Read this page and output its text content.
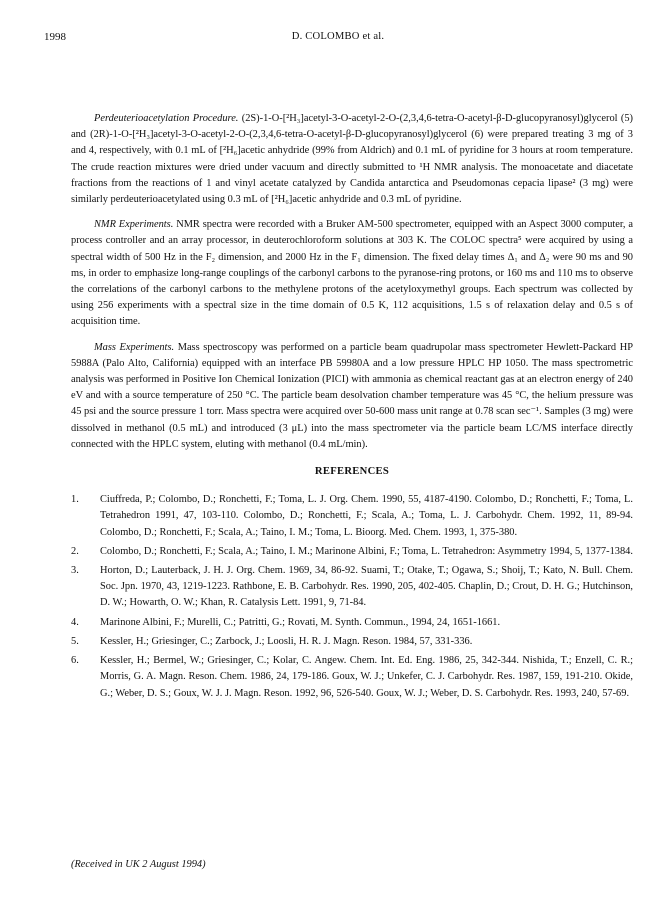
1998	D. COLOMBO et al.

Perdeuterioacetylation Procedure. (2S)-1-O-[²H₃]acetyl-3-O-acetyl-2-O-(2,3,4,6-tetra-O-acetyl-β-D-glucopyranosyl)glycerol (5) and (2R)-1-O-[²H₃]acetyl-3-O-acetyl-2-O-(2,3,4,6-tetra-O-acetyl-β-D-glucopyranosyl)glycerol (6) were prepared treating 3 mg of 3 and 4, respectively, with 0.1 mL of [²H₆]acetic anhydride (99% from Aldrich) and 0.1 mL of pyridine for 3 hours at room temperature. The crude reaction mixtures were dried under vacuum and directly submitted to ¹H NMR analysis. The monoacetate and diacetate fractions from the reactions of 1 and vinyl acetate catalyzed by Candida antarctica and Pseudomonas cepacia lipase² (3 mg) were similarly perdeuterioacetylated using 0.3 mL of [²H₆]acetic anhydride and 0.3 mL of pyridine.

NMR Experiments. NMR spectra were recorded with a Bruker AM-500 spectrometer, equipped with an Aspect 3000 computer, a process controller and an array processor, in deuterochloroform solutions at 303 K. The COLOC spectra⁵ were acquired by using a spectral width of 500 Hz in the F₂ dimension, and 2000 Hz in the F₁ dimension. The fixed delay times Δ₁ and Δ₂ were 90 ms and 90 ms, in order to emphasize long-range couplings of the carbonyl carbons to the pyranose-ring protons, or 160 ms and 110 ms to observe the correlations of the carbonyl carbons to the methylene protons of the acetyloxymethyl groups. Each spectrum was collected by using 256 experiments with a spectral size in the time domain of 0.5 K, 112 acquisitions, 1.5 s of relaxation delay and 0.5 s of acquisition time.

Mass Experiments. Mass spectroscopy was performed on a particle beam quadrupolar mass spectrometer Hewlett-Packard HP 5988A (Palo Alto, California) equipped with an interface PB 59980A and a low pressure HPLC HP 1050. The mass spectrometric analysis was performed in Positive Ion Chemical Ionization (PICI) with ammonia as chemical reactant gas at an electron energy of 240 eV and with a source temperature of 250 °C. The particle beam desolvation chamber temperature was 45 °C, the helium pressure was 45 psi and the source pressure 1 torr. Mass spectra were acquired over 50-600 mass unit range at 0.78 scan sec⁻¹. Samples (3 mg) were dissolved in methanol (0.5 mL) and introduced (3 μL) into the mass spectrometer via the particle beam LC/MS interface directly connected with the HPLC system, eluting with methanol (0.4 mL/min).

REFERENCES
1.	Ciuffreda, P.; Colombo, D.; Ronchetti, F.; Toma, L. J. Org. Chem. 1990, 55, 4187-4190. Colombo, D.; Ronchetti, F.; Toma, L. Tetrahedron 1991, 47, 103-110. Colombo, D.; Ronchetti, F.; Scala, A.; Toma, L. J. Carbohydr. Chem. 1992, 11, 89-94. Colombo, D.; Ronchetti, F.; Scala, A.; Taino, I. M.; Toma, L. Bioorg. Med. Chem. 1993, 1, 375-380.
2.	Colombo, D.; Ronchetti, F.; Scala, A.; Taino, I. M.; Marinone Albini, F.; Toma, L. Tetrahedron: Asymmetry 1994, 5, 1377-1384.
3.	Horton, D.; Lauterback, J. H. J. Org. Chem. 1969, 34, 86-92. Suami, T.; Otake, T.; Ogawa, S.; Shoij, T.; Kato, N. Bull. Chem. Soc. Jpn. 1970, 43, 1219-1223. Rathbone, E. B. Carbohydr. Res. 1990, 205, 402-405. Chaplin, D.; Crout, D. H. G.; Hutchinson, D. W.; Howarth, O. W.; Khan, R. Catalysis Lett. 1991, 9, 71-84.
4.	Marinone Albini, F.; Murelli, C.; Patritti, G.; Rovati, M. Synth. Commun., 1994, 24, 1651-1661.
5.	Kessler, H.; Griesinger, C.; Zarbock, J.; Loosli, H. R. J. Magn. Reson. 1984, 57, 331-336.
6.	Kessler, H.; Bermel, W.; Griesinger, C.; Kolar, C. Angew. Chem. Int. Ed. Eng. 1986, 25, 342-344. Nishida, T.; Enzell, C. R.; Morris, G. A. Magn. Reson. Chem. 1986, 24, 179-186. Goux, W. J.; Unkefer, C. J. Carbohydr. Res. 1987, 159, 191-210. Okide, G.; Weber, D. S.; Goux, W. J. J. Magn. Reson. 1992, 96, 526-540. Goux, W. J.; Weber, D. S. Carbohydr. Res. 1993, 240, 57-69.
(Received in UK 2 August 1994)
